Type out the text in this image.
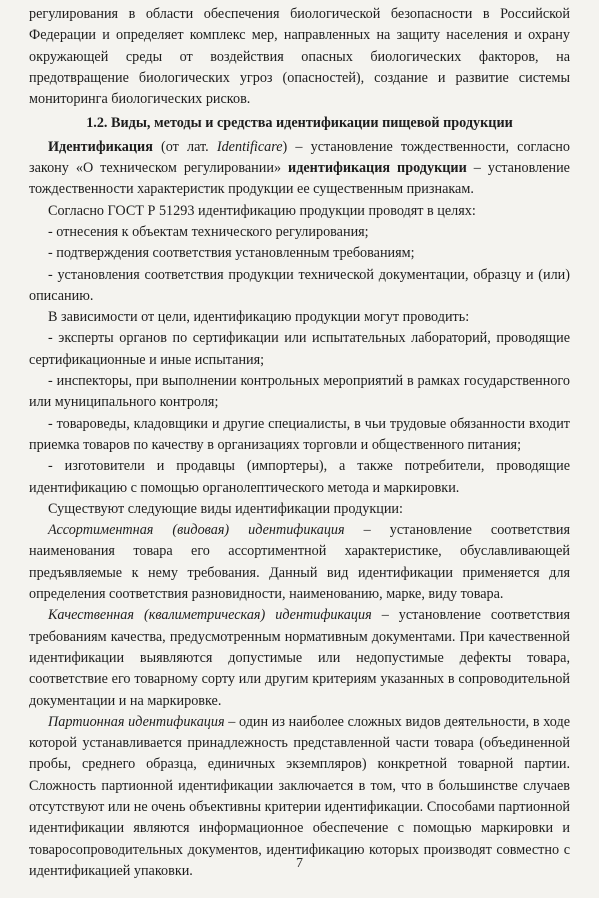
регулирования в области обеспечения биологической безопасности в Российской Федерации и определяет комплекс мер, направленных на защиту населения и охрану окружающей среды от воздействия опасных биологических факторов, на предотвращение биологических угроз (опасностей), создание и развитие системы мониторинга биологических рисков.

1.2. Виды, методы и средства идентификации пищевой продукции

Идентификация (от лат. Identificare) – установление тождественности, согласно закону «О техническом регулировании» идентификация продукции – установление тождественности характеристик продукции ее существенным признакам.

Согласно ГОСТ Р 51293 идентификацию продукции проводят в целях:

- отнесения к объектам технического регулирования;

- подтверждения соответствия установленным требованиям;

- установления соответствия продукции технической документации, образцу и (или) описанию.

В зависимости от цели, идентификацию продукции могут проводить:

- эксперты органов по сертификации или испытательных лабораторий, проводящие сертификационные и иные испытания;

- инспекторы, при выполнении контрольных мероприятий в рамках государственного или муниципального контроля;

- товароведы, кладовщики и другие специалисты, в чьи трудовые обязанности входит приемка товаров по качеству в организациях торговли и общественного питания;

- изготовители и продавцы (импортеры), а также потребители, проводящие идентификацию с помощью органолептического метода и маркировки.

Существуют следующие виды идентификации продукции:

Ассортиментная (видовая) идентификация – установление соответствия наименования товара его ассортиментной характеристике, обуславливающей предъявляемые к нему требования. Данный вид идентификации применяется для определения соответствия разновидности, наименованию, марке, виду товара.

Качественная (квалиметрическая) идентификация – установление соответствия требованиям качества, предусмотренным нормативным документами. При качественной идентификации выявляются допустимые или недопустимые дефекты товара, соответствие его товарному сорту или другим критериям указанных в сопроводительной документации и на маркировке.

Партионная идентификация – один из наиболее сложных видов деятельности, в ходе которой устанавливается принадлежность представленной части товара (объединенной пробы, среднего образца, единичных экземпляров) конкретной товарной партии. Сложность партионной идентификации заключается в том, что в большинстве случаев отсутствуют или не очень объективны критерии идентификации. Способами партионной идентификации являются информационное обеспечение с помощью маркировки и товаросопроводительных документов, идентификацию которых производят совместно с идентификацией упаковки.	7
